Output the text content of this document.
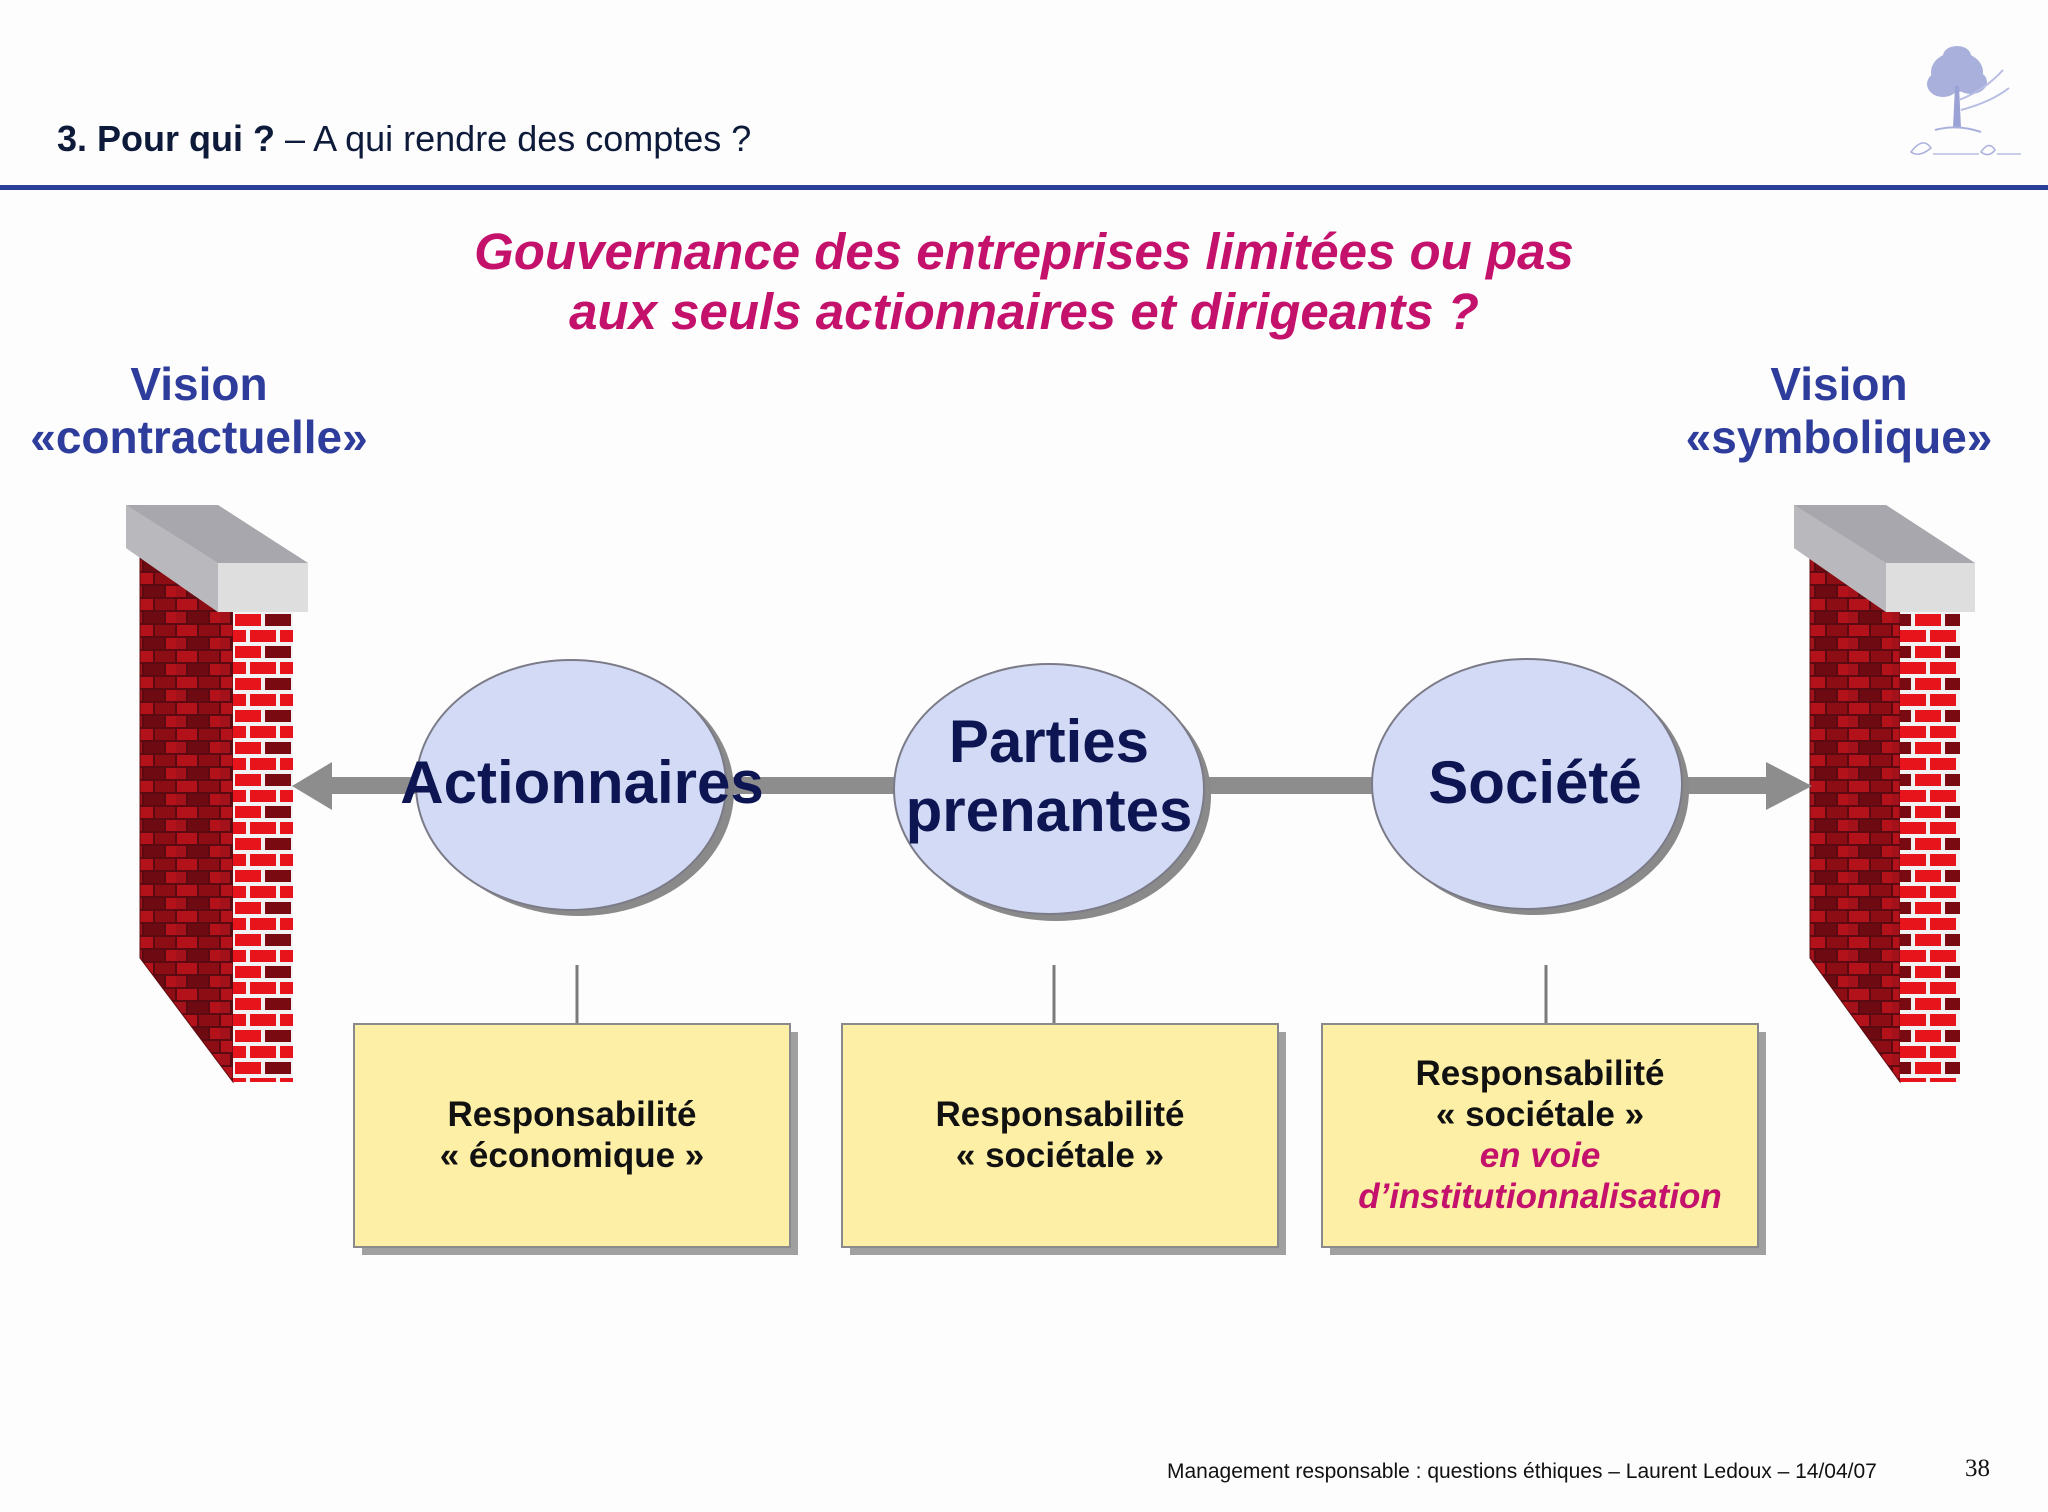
3. Pour qui ? – A qui rendre des comptes ?
Gouvernance des entreprises limitées ou pas
aux seuls actionnaires et dirigeants ?
Vision
«contractuelle»
Vision
«symbolique»
Actionnaires
Parties
prenantes	Société
Responsabilité
« économique »
Responsabilité
« sociétale »
Responsabilité
« sociétale »
en voie
d’institutionnalisation
Management responsable : questions éthiques – Laurent Ledoux – 14/04/07	38
